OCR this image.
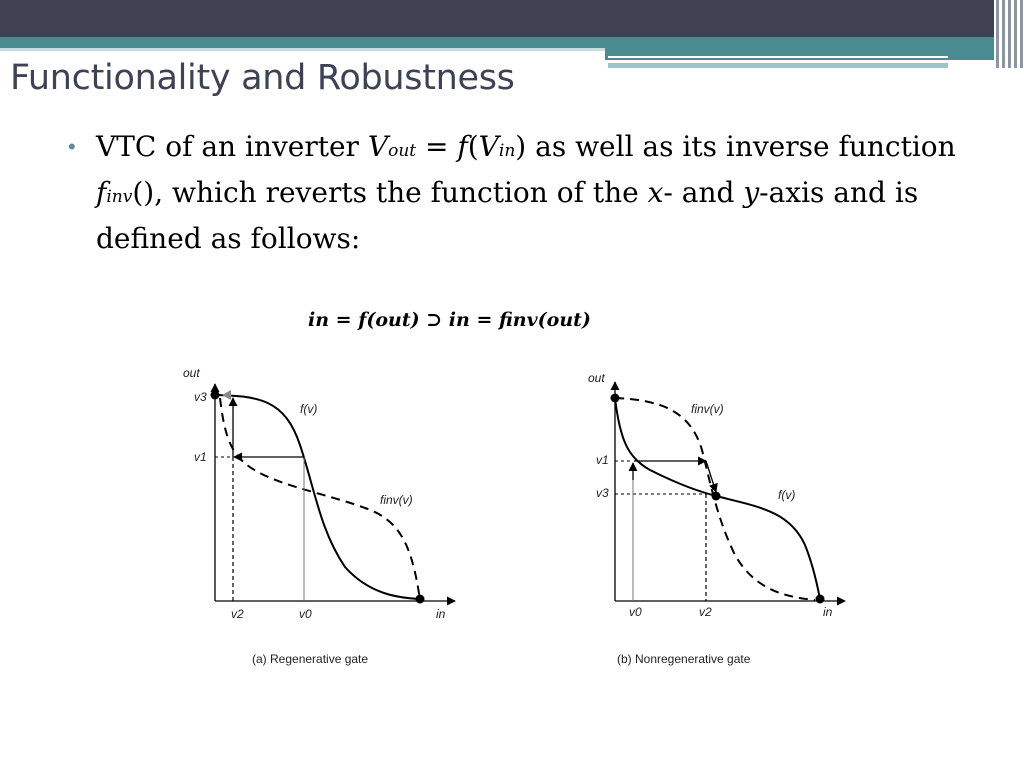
Functionality and Robustness
• VTC of an inverter Vout = f(Vin) as well as its inverse function finv(), which reverts the function of the x- and y-axis and is defined as follows:

in = f(out) ⊃ in = finv(out)
out
in
v3
v1
v2	v0
f(v)
finv(v)
(a) Regenerative gate
out
in
v1
v3
v0	v2
finv(v)
f(v)
(b) Nonregenerative gate
